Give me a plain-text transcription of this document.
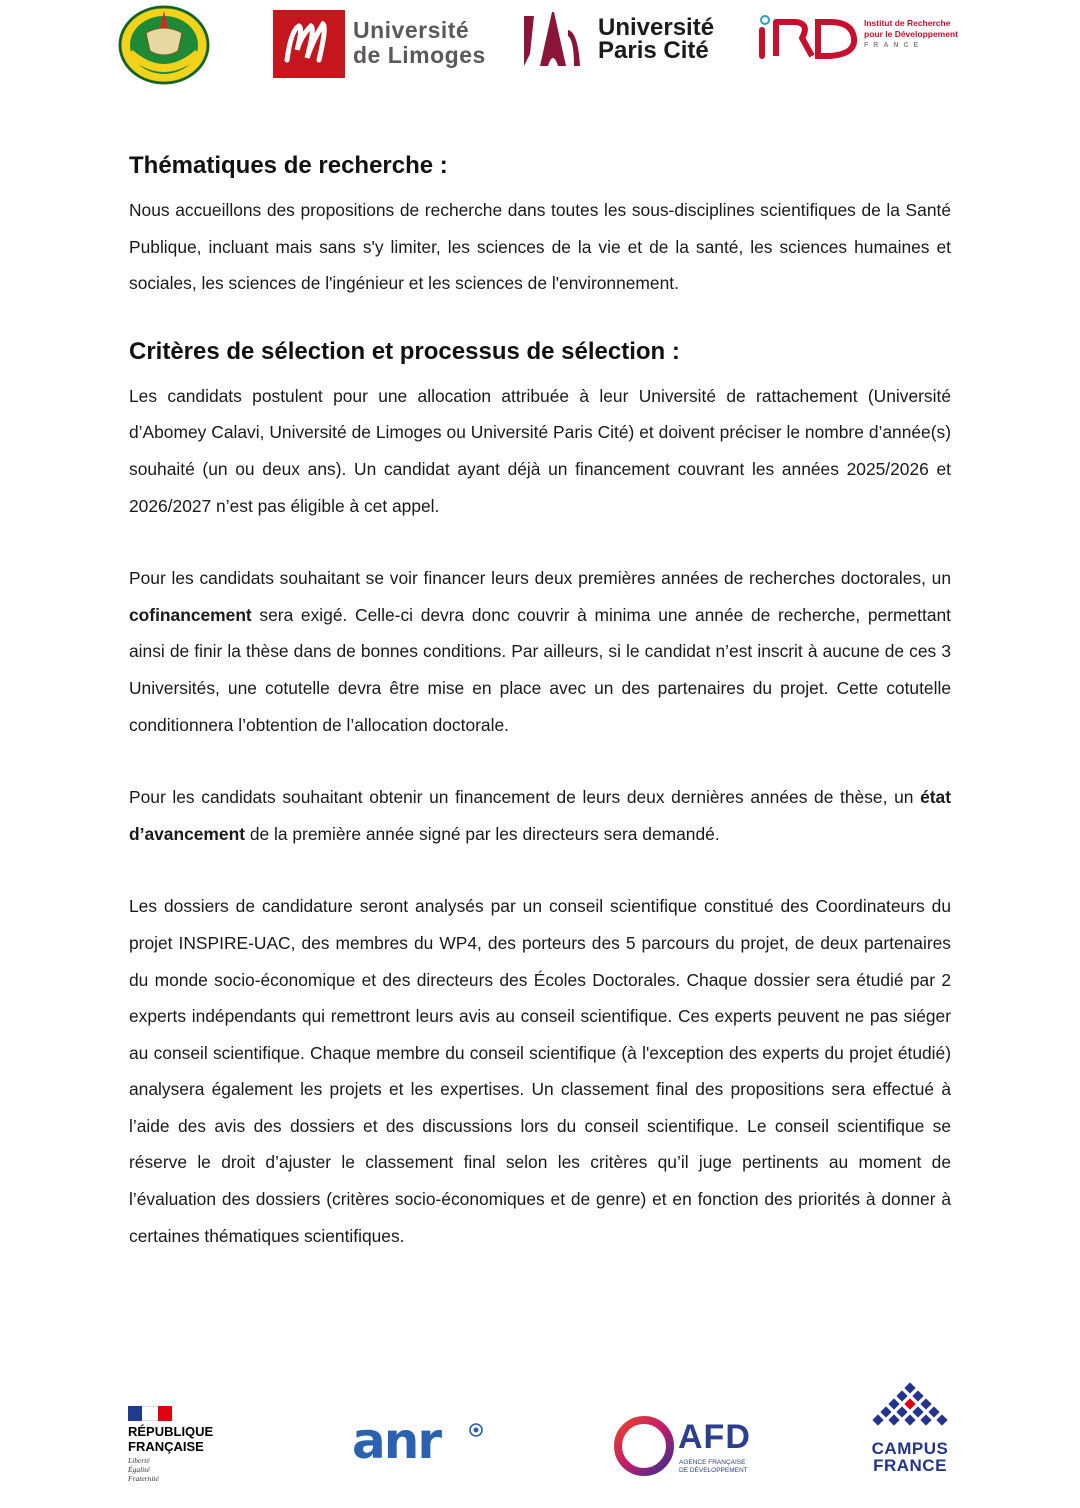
Université
de Limoges
Université
Paris Cité
Institut de Recherche
pour le Développement
FRANCE
Thématiques de recherche :

Nous accueillons des propositions de recherche dans toutes les sous-disciplines scientifiques de la Santé Publique, incluant mais sans s'y limiter, les sciences de la vie et de la santé, les sciences humaines et sociales, les sciences de l'ingénieur et les sciences de l'environnement.

Critères de sélection et processus de sélection :

Les candidats postulent pour une allocation attribuée à leur Université de rattachement (Université d’Abomey Calavi, Université de Limoges ou Université Paris Cité) et doivent préciser le nombre d’année(s) souhaité (un ou deux ans). Un candidat ayant déjà un financement couvrant les années 2025/2026 et 2026/2027 n’est pas éligible à cet appel.

Pour les candidats souhaitant se voir financer leurs deux premières années de recherches doctorales, un cofinancement sera exigé. Celle-ci devra donc couvrir à minima une année de recherche, permettant ainsi de finir la thèse dans de bonnes conditions. Par ailleurs, si le candidat n’est inscrit à aucune de ces 3 Universités, une cotutelle devra être mise en place avec un des partenaires du projet. Cette cotutelle conditionnera l’obtention de l’allocation doctorale.

Pour les candidats souhaitant obtenir un financement de leurs deux dernières années de thèse, un état d’avancement de la première année signé par les directeurs sera demandé.

Les dossiers de candidature seront analysés par un conseil scientifique constitué des Coordinateurs du projet INSPIRE-UAC, des membres du WP4, des porteurs des 5 parcours du projet, de deux partenaires du monde socio-économique et des directeurs des Écoles Doctorales. Chaque dossier sera étudié par 2 experts indépendants qui remettront leurs avis au conseil scientifique. Ces experts peuvent ne pas siéger au conseil scientifique. Chaque membre du conseil scientifique (à l'exception des experts du projet étudié) analysera également les projets et les expertises. Un classement final des propositions sera effectué à l’aide des avis des dossiers et des discussions lors du conseil scientifique. Le conseil scientifique se réserve le droit d’ajuster le classement final selon les critères qu’il juge pertinents au moment de l’évaluation des dossiers (critères socio-économiques et de genre) et en fonction des priorités à donner à certaines thématiques scientifiques.

RÉPUBLIQUE
FRANÇAISE
Liberté
Égalité
Fraternité
anr	AFD
AGENCE FRANÇAISE
DE DÉVELOPPEMENT
CAMPUS
FRANCE
